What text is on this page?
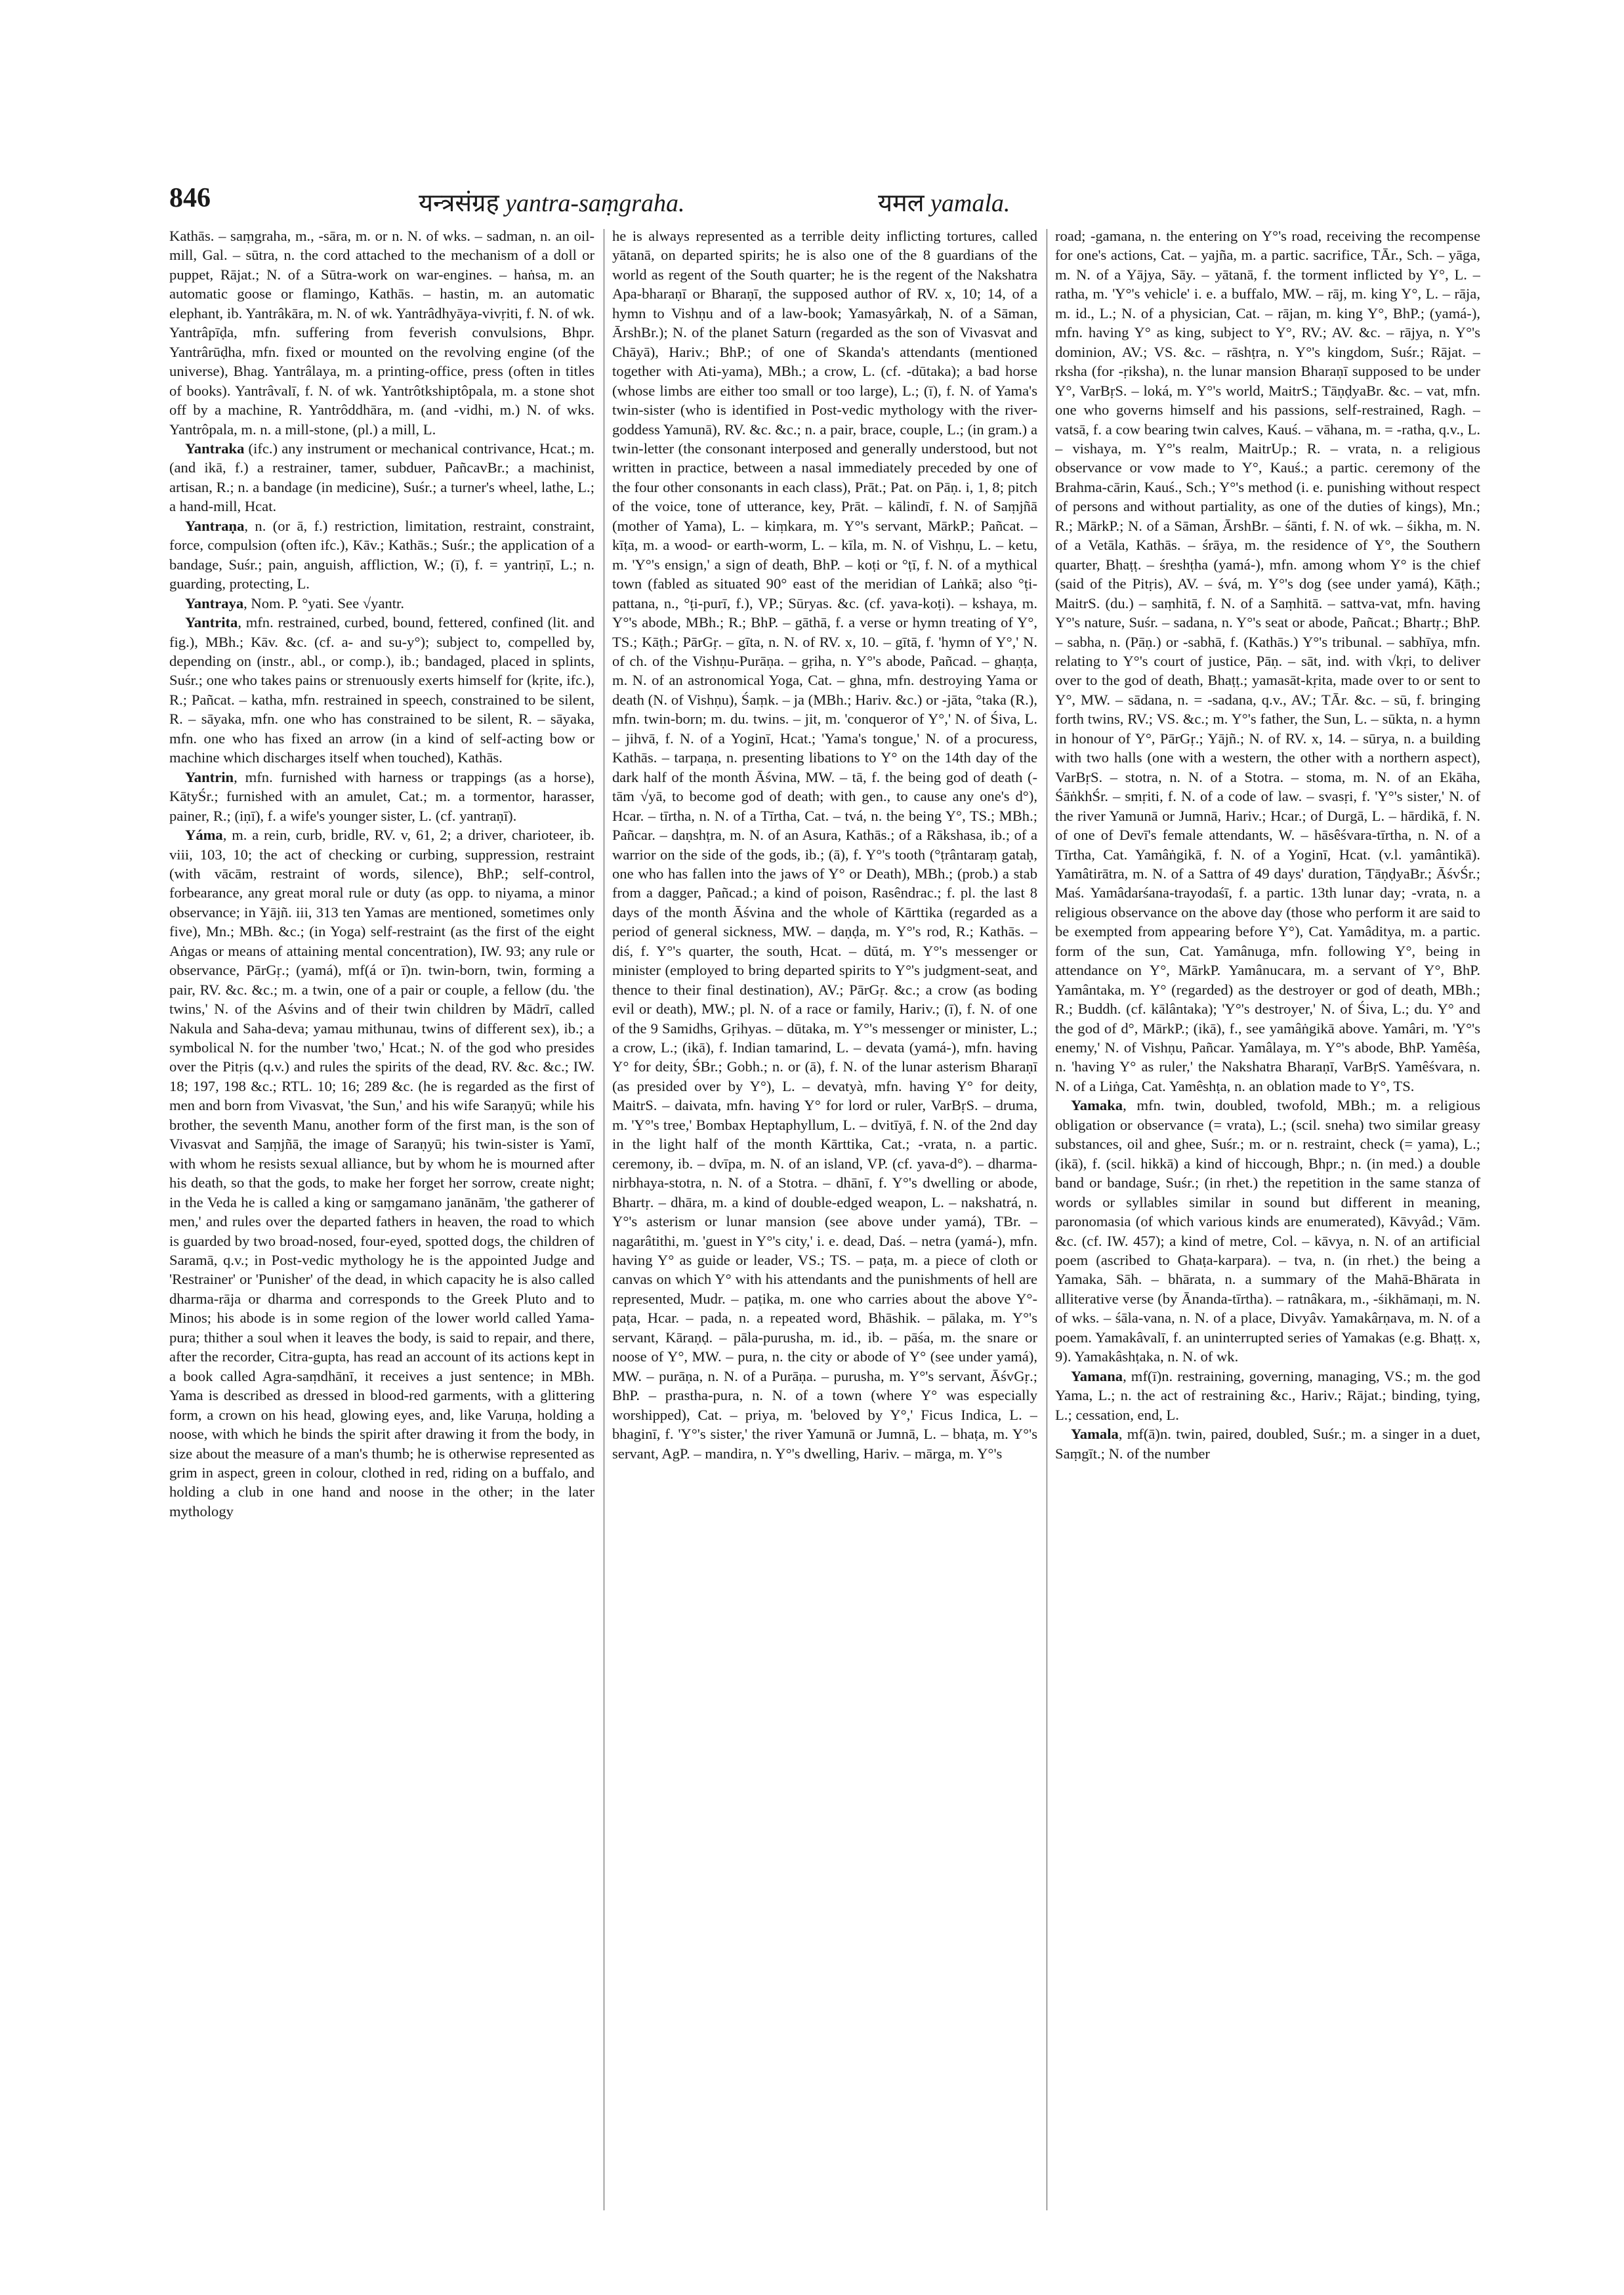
846	यन्त्रसंग्रह yantra-saṃgraha.	यमल yamala.

Kathās. – saṃgraha, m., -sāra, m. or n. N. of wks. – sadman, n. an oil-mill, Gal. – sūtra, n. the cord attached to the mechanism of a doll or puppet, Rājat.; N. of a Sūtra-work on war-engines. – haṅsa, m. an automatic goose or flamingo, Kathās. – hastin, m. an automatic elephant, ib. Yantrâkāra, m. N. of wk. Yantrâdhyāya-vivṛiti, f. N. of wk. Yantrâpīḍa, mfn. suffering from feverish convulsions, Bhpr. Yantrârūḍha, mfn. fixed or mounted on the revolving engine (of the universe), Bhag. Yantrâlaya, m. a printing-office, press (often in titles of books). Yantrâvalī, f. N. of wk. Yantrôtkshiptôpala, m. a stone shot off by a machine, R. Yantrôddhāra, m. (and -vidhi, m.) N. of wks. Yantrôpala, m. n. a mill-stone, (pl.) a mill, L.

Yantraka (ifc.) any instrument or mechanical contrivance, Hcat.; m. (and ikā, f.) a restrainer, tamer, subduer, PañcavBr.; a machinist, artisan, R.; n. a bandage (in medicine), Suśr.; a turner's wheel, lathe, L.; a hand-mill, Hcat.

Yantraṇa, n. (or ā, f.) restriction, limitation, restraint, constraint, force, compulsion (often ifc.), Kāv.; Kathās.; Suśr.; the application of a bandage, Suśr.; pain, anguish, affliction, W.; (ī), f. = yantriṇī, L.; n. guarding, protecting, L.

Yantraya, Nom. P. °yati. See √yantr.

Yantrita, mfn. restrained, curbed, bound, fettered, confined (lit. and fig.), MBh.; Kāv. &c. (cf. a- and su-y°); subject to, compelled by, depending on (instr., abl., or comp.), ib.; bandaged, placed in splints, Suśr.; one who takes pains or strenuously exerts himself for (kṛite, ifc.), R.; Pañcat. – katha, mfn. restrained in speech, constrained to be silent, R. – sāyaka, mfn. one who has constrained to be silent, R. – sāyaka, mfn. one who has fixed an arrow (in a kind of self-acting bow or machine which discharges itself when touched), Kathās.

Yantrin, mfn. furnished with harness or trappings (as a horse), KātyŚr.; furnished with an amulet, Cat.; m. a tormentor, harasser, painer, R.; (iṇī), f. a wife's younger sister, L. (cf. yantraṇī).

Yáma, m. a rein, curb, bridle, RV. v, 61, 2; a driver, charioteer, ib. viii, 103, 10; the act of checking or curbing, suppression, restraint (with vācām, restraint of words, silence), BhP.; self-control, forbearance, any great moral rule or duty (as opp. to niyama, a minor observance; in Yājñ. iii, 313 ten Yamas are mentioned, sometimes only five), Mn.; MBh. &c.; (in Yoga) self-restraint (as the first of the eight Aṅgas or means of attaining mental concentration), IW. 93; any rule or observance, PārGṛ.; (yamá), mf(á or ī)n. twin-born, twin, forming a pair, RV. &c. &c.; m. a twin, one of a pair or couple, a fellow (du. 'the twins,' N. of the Aśvins and of their twin children by Mādrī, called Nakula and Saha-deva; yamau mithunau, twins of different sex), ib.; a symbolical N. for the number 'two,' Hcat.; N. of the god who presides over the Pitṛis (q.v.) and rules the spirits of the dead, RV. &c. &c.; IW. 18; 197, 198 &c.; RTL. 10; 16; 289 &c. (he is regarded as the first of men and born from Vivasvat, 'the Sun,' and his wife Saraṇyū; while his brother, the seventh Manu, another form of the first man, is the son of Vivasvat and Saṃjñā, the image of Saraṇyū; his twin-sister is Yamī, with whom he resists sexual alliance, but by whom he is mourned after his death, so that the gods, to make her forget her sorrow, create night; in the Veda he is called a king or saṃgamano janānām, 'the gatherer of men,' and rules over the departed fathers in heaven, the road to which is guarded by two broad-nosed, four-eyed, spotted dogs, the children of Saramā, q.v.; in Post-vedic mythology he is the appointed Judge and 'Restrainer' or 'Punisher' of the dead, in which capacity he is also called dharma-rāja or dharma and corresponds to the Greek Pluto and to Minos; his abode is in some region of the lower world called Yama-pura; thither a soul when it leaves the body, is said to repair, and there, after the recorder, Citra-gupta, has read an account of its actions kept in a book called Agra-saṃdhānī, it receives a just sentence; in MBh. Yama is described as dressed in blood-red garments, with a glittering form, a crown on his head, glowing eyes, and, like Varuṇa, holding a noose, with which he binds the spirit after drawing it from the body, in size about the measure of a man's thumb; he is otherwise represented as grim in aspect, green in colour, clothed in red, riding on a buffalo, and holding a club in one hand and noose in the other; in the later mythology

he is always represented as a terrible deity inflicting tortures, called yātanā, on departed spirits; he is also one of the 8 guardians of the world as regent of the South quarter; he is the regent of the Nakshatra Apa-bharaṇī or Bharaṇī, the supposed author of RV. x, 10; 14, of a hymn to Vishṇu and of a law-book; Yamasyârkaḥ, N. of a Sāman, ĀrshBr.); N. of the planet Saturn (regarded as the son of Vivasvat and Chāyā), Hariv.; BhP.; of one of Skanda's attendants (mentioned together with Ati-yama), MBh.; a crow, L. (cf. -dūtaka); a bad horse (whose limbs are either too small or too large), L.; (ī), f. N. of Yama's twin-sister (who is identified in Post-vedic mythology with the river-goddess Yamunā), RV. &c. &c.; n. a pair, brace, couple, L.; (in gram.) a twin-letter (the consonant interposed and generally understood, but not written in practice, between a nasal immediately preceded by one of the four other consonants in each class), Prāt.; Pat. on Pāṇ. i, 1, 8; pitch of the voice, tone of utterance, key, Prāt. – kālindī, f. N. of Saṃjñā (mother of Yama), L. – kiṃkara, m. Y°'s servant, MārkP.; Pañcat. – kīṭa, m. a wood- or earth-worm, L. – kīla, m. N. of Vishṇu, L. – ketu, m. 'Y°'s ensign,' a sign of death, BhP. – koṭi or °ṭī, f. N. of a mythical town (fabled as situated 90° east of the meridian of Laṅkā; also °ṭi-pattana, n., °ṭi-purī, f.), VP.; Sūryas. &c. (cf. yava-koṭi). – kshaya, m. Y°'s abode, MBh.; R.; BhP. – gāthā, f. a verse or hymn treating of Y°, TS.; Kāṭh.; PārGṛ. – gīta, n. N. of RV. x, 10. – gītā, f. 'hymn of Y°,' N. of ch. of the Vishṇu-Purāṇa. – gṛiha, n. Y°'s abode, Pañcad. – ghaṇṭa, m. N. of an astronomical Yoga, Cat. – ghna, mfn. destroying Yama or death (N. of Vishṇu), Śaṃk. – ja (MBh.; Hariv. &c.) or -jāta, °taka (R.), mfn. twin-born; m. du. twins. – jit, m. 'conqueror of Y°,' N. of Śiva, L. – jihvā, f. N. of a Yoginī, Hcat.; 'Yama's tongue,' N. of a procuress, Kathās. – tarpaṇa, n. presenting libations to Y° on the 14th day of the dark half of the month Āśvina, MW. – tā, f. the being god of death (-tām √yā, to become god of death; with gen., to cause any one's d°), Hcar. – tīrtha, n. N. of a Tīrtha, Cat. – tvá, n. the being Y°, TS.; MBh.; Pañcar. – daṇshṭra, m. N. of an Asura, Kathās.; of a Rākshasa, ib.; of a warrior on the side of the gods, ib.; (ā), f. Y°'s tooth (°ṭrântaraṃ gataḥ, one who has fallen into the jaws of Y° or Death), MBh.; (prob.) a stab from a dagger, Pañcad.; a kind of poison, Rasêndrac.; f. pl. the last 8 days of the month Āśvina and the whole of Kārttika (regarded as a period of general sickness, MW. – daṇḍa, m. Y°'s rod, R.; Kathās. – diś, f. Y°'s quarter, the south, Hcat. – dūtá, m. Y°'s messenger or minister (employed to bring departed spirits to Y°'s judgment-seat, and thence to their final destination), AV.; PārGṛ. &c.; a crow (as boding evil or death), MW.; pl. N. of a race or family, Hariv.; (ī), f. N. of one of the 9 Samidhs, Gṛihyas. – dūtaka, m. Y°'s messenger or minister, L.; a crow, L.; (ikā), f. Indian tamarind, L. – devata (yamá-), mfn. having Y° for deity, ŚBr.; Gobh.; n. or (ā), f. N. of the lunar asterism Bharaṇī (as presided over by Y°), L. – devatyà, mfn. having Y° for deity, MaitrS. – daivata, mfn. having Y° for lord or ruler, VarBṛS. – druma, m. 'Y°'s tree,' Bombax Heptaphyllum, L. – dvitīyā, f. N. of the 2nd day in the light half of the month Kārttika, Cat.; -vrata, n. a partic. ceremony, ib. – dvīpa, m. N. of an island, VP. (cf. yava-d°). – dharma-nirbhaya-stotra, n. N. of a Stotra. – dhānī, f. Y°'s dwelling or abode, Bhartṛ. – dhāra, m. a kind of double-edged weapon, L. – nakshatrá, n. Y°'s asterism or lunar mansion (see above under yamá), TBr. – nagarâtithi, m. 'guest in Y°'s city,' i. e. dead, Daś. – netra (yamá-), mfn. having Y° as guide or leader, VS.; TS. – paṭa, m. a piece of cloth or canvas on which Y° with his attendants and the punishments of hell are represented, Mudr. – paṭika, m. one who carries about the above Y°-paṭa, Hcar. – pada, n. a repeated word, Bhāshik. – pālaka, m. Y°'s servant, Kāraṇḍ. – pāla-purusha, m. id., ib. – pāśa, m. the snare or noose of Y°, MW. – pura, n. the city or abode of Y° (see under yamá), MW. – purāṇa, n. N. of a Purāṇa. – purusha, m. Y°'s servant, ĀśvGṛ.; BhP. – prastha-pura, n. N. of a town (where Y° was especially worshipped), Cat. – priya, m. 'beloved by Y°,' Ficus Indica, L. – bhaginī, f. 'Y°'s sister,' the river Yamunā or Jumnā, L. – bhaṭa, m. Y°'s servant, AgP. – mandira, n. Y°'s dwelling, Hariv. – mārga, m. Y°'s

road; -gamana, n. the entering on Y°'s road, receiving the recompense for one's actions, Cat. – yajña, m. a partic. sacrifice, TĀr., Sch. – yāga, m. N. of a Yājya, Sāy. – yātanā, f. the torment inflicted by Y°, L. – ratha, m. 'Y°'s vehicle' i. e. a buffalo, MW. – rāj, m. king Y°, L. – rāja, m. id., L.; N. of a physician, Cat. – rājan, m. king Y°, BhP.; (yamá-), mfn. having Y° as king, subject to Y°, RV.; AV. &c. – rājya, n. Y°'s dominion, AV.; VS. &c. – rāshṭra, n. Y°'s kingdom, Suśr.; Rājat. – rksha (for -ṛiksha), n. the lunar mansion Bharaṇī supposed to be under Y°, VarBṛS. – loká, m. Y°'s world, MaitrS.; TāṇḍyaBr. &c. – vat, mfn. one who governs himself and his passions, self-restrained, Ragh. – vatsā, f. a cow bearing twin calves, Kauś. – vāhana, m. = -ratha, q.v., L. – vishaya, m. Y°'s realm, MaitrUp.; R. – vrata, n. a religious observance or vow made to Y°, Kauś.; a partic. ceremony of the Brahma-cārin, Kauś., Sch.; Y°'s method (i. e. punishing without respect of persons and without partiality, as one of the duties of kings), Mn.; R.; MārkP.; N. of a Sāman, ĀrshBr. – śānti, f. N. of wk. – śikha, m. N. of a Vetāla, Kathās. – śrāya, m. the residence of Y°, the Southern quarter, Bhaṭṭ. – śreshṭha (yamá-), mfn. among whom Y° is the chief (said of the Pitṛis), AV. – śvá, m. Y°'s dog (see under yamá), Kāṭh.; MaitrS. (du.) – saṃhitā, f. N. of a Saṃhitā. – sattva-vat, mfn. having Y°'s nature, Suśr. – sadana, n. Y°'s seat or abode, Pañcat.; Bhartṛ.; BhP. – sabha, n. (Pāṇ.) or -sabhā, f. (Kathās.) Y°'s tribunal. – sabhīya, mfn. relating to Y°'s court of justice, Pāṇ. – sāt, ind. with √kṛi, to deliver over to the god of death, Bhaṭṭ.; yamasāt-kṛita, made over to or sent to Y°, MW. – sādana, n. = -sadana, q.v., AV.; TĀr. &c. – sū, f. bringing forth twins, RV.; VS. &c.; m. Y°'s father, the Sun, L. – sūkta, n. a hymn in honour of Y°, PārGṛ.; Yājñ.; N. of RV. x, 14. – sūrya, n. a building with two halls (one with a western, the other with a northern aspect), VarBṛS. – stotra, n. N. of a Stotra. – stoma, m. N. of an Ekāha, ŚāṅkhŚr. – smṛiti, f. N. of a code of law. – svasṛi, f. 'Y°'s sister,' N. of the river Yamunā or Jumnā, Hariv.; Hcar.; of Durgā, L. – hārdikā, f. N. of one of Devī's female attendants, W. – hāsêśvara-tīrtha, n. N. of a Tīrtha, Cat. Yamâṅgikā, f. N. of a Yoginī, Hcat. (v.l. yamântikā). Yamâtirātra, m. N. of a Sattra of 49 days' duration, TāṇḍyaBr.; ĀśvŚr.; Maś. Yamâdarśana-trayodaśī, f. a partic. 13th lunar day; -vrata, n. a religious observance on the above day (those who perform it are said to be exempted from appearing before Y°), Cat. Yamâditya, m. a partic. form of the sun, Cat. Yamânuga, mfn. following Y°, being in attendance on Y°, MārkP. Yamânucara, m. a servant of Y°, BhP. Yamântaka, m. Y° (regarded) as the destroyer or god of death, MBh.; R.; Buddh. (cf. kālântaka); 'Y°'s destroyer,' N. of Śiva, L.; du. Y° and the god of d°, MārkP.; (ikā), f., see yamâṅgikā above. Yamâri, m. 'Y°'s enemy,' N. of Vishṇu, Pañcar. Yamâlaya, m. Y°'s abode, BhP. Yamêśa, n. 'having Y° as ruler,' the Nakshatra Bharaṇī, VarBṛS. Yamêśvara, n. N. of a Liṅga, Cat. Yamêshṭa, n. an oblation made to Y°, TS.

Yamaka, mfn. twin, doubled, twofold, MBh.; m. a religious obligation or observance (= vrata), L.; (scil. sneha) two similar greasy substances, oil and ghee, Suśr.; m. or n. restraint, check (= yama), L.; (ikā), f. (scil. hikkā) a kind of hiccough, Bhpr.; n. (in med.) a double band or bandage, Suśr.; (in rhet.) the repetition in the same stanza of words or syllables similar in sound but different in meaning, paronomasia (of which various kinds are enumerated), Kāvyâd.; Vām. &c. (cf. IW. 457); a kind of metre, Col. – kāvya, n. N. of an artificial poem (ascribed to Ghaṭa-karpara). – tva, n. (in rhet.) the being a Yamaka, Sāh. – bhārata, n. a summary of the Mahā-Bhārata in alliterative verse (by Ānanda-tīrtha). – ratnâkara, m., -śikhāmaṇi, m. N. of wks. – śāla-vana, n. N. of a place, Divyâv. Yamakârṇava, m. N. of a poem. Yamakâvalī, f. an uninterrupted series of Yamakas (e.g. Bhaṭṭ. x, 9). Yamakâshṭaka, n. N. of wk.

Yamana, mf(ī)n. restraining, governing, managing, VS.; m. the god Yama, L.; n. the act of restraining &c., Hariv.; Rājat.; binding, tying, L.; cessation, end, L.

Yamala, mf(ā)n. twin, paired, doubled, Suśr.; m. a singer in a duet, Saṃgīt.; N. of the number
